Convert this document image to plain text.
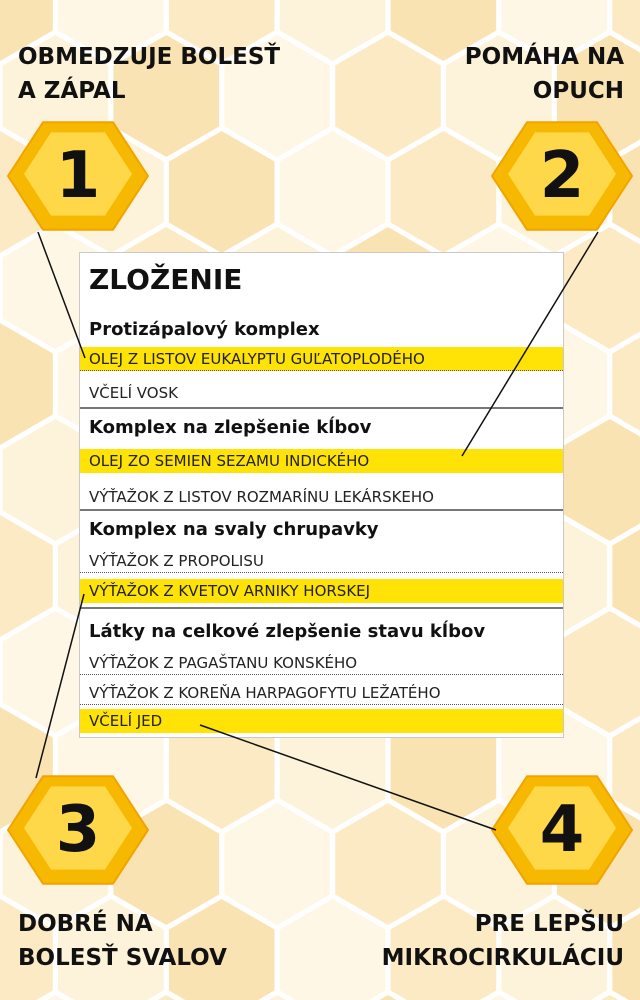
OBMEDZUJE BOLESŤ
A ZÁPAL

POMÁHA NA
OPUCH

DOBRÉ NA
BOLESŤ SVALOV

PRE LEPŠIU
MIKROCIRKULÁCIU

1	2
3	4
ZLOŽENIE
Protizápalový komplex
OLEJ Z LISTOV EUKALYPTU GUĽATOPLODÉHO
VČELÍ VOSK
Komplex na zlepšenie kĺbov
OLEJ ZO SEMIEN SEZAMU INDICKÉHO
VÝŤAŽOK Z LISTOV ROZMARÍNU LEKÁRSKEHO
Komplex na svaly chrupavky
VÝŤAŽOK Z PROPOLISU
VÝŤAŽOK Z KVETOV ARNIKY HORSKEJ
Látky na celkové zlepšenie stavu kĺbov
VÝŤAŽOK Z PAGAŠTANU KONSKÉHO
VÝŤAŽOK Z KOREŇA HARPAGOFYTU LEŽATÉHO
VČELÍ JED
